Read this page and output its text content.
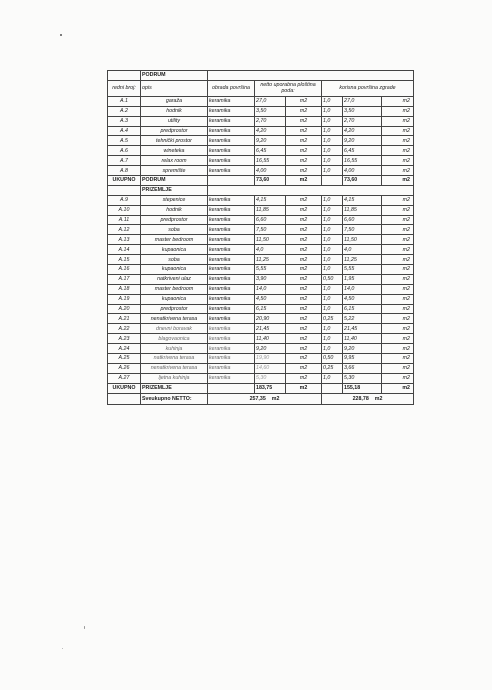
	PODRUM						
redni broj:	opis	obrada površina	netto uporabna ploština poda:		korisna površina zgrade		
A.1	garaža	keramika	27,0	m2	1,0	27,0	m2
A.2	hodnik	keramika	3,50	m2	1,0	3,50	m2
A.3	utility	keramika	2,70	m2	1,0	2,70	m2
A.4	predprostor	keramika	4,20	m2	1,0	4,20	m2
A.5	tehnički prostor	keramika	9,20	m2	1,0	9,20	m2
A.6	wineteka	keramika	6,45	m2	1,0	6,45	m2
A.7	relax room	keramika	16,55	m2	1,0	16,55	m2
A.8	spremište	keramika	4,00	m2	1,0	4,00	m2
UKUPNO	PODRUM		73,60	m2		73,60	m2
	PRIZEMLJE						
A.9	stepenice	keramika	4,15	m2	1,0	4,15	m2
A.10	hodnik	keramika	11,85	m2	1,0	11,85	m2
A.11	predprostor	keramika	6,60	m2	1,0	6,60	m2
A.12	soba	keramika	7,50	m2	1,0	7,50	m2
A.13	master bedroom	keramika	11,50	m2	1,0	11,50	m2
A.14	kupaonica	keramika	4,0	m2	1,0	4,0	m2
A.15	soba	keramika	11,25	m2	1,0	11,25	m2
A.16	kupaonica	keramika	5,55	m2	1,0	5,55	m2
A.17	natkriveni ulaz	keramika	3,90	m2	0,50	1,95	m2
A.18	master bedroom	keramika	14,0	m2	1,0	14,0	m2
A.19	kupaonica	keramika	4,50	m2	1,0	4,50	m2
A.20	predprostor	keramika	6,15	m2	1,0	6,15	m2
A.21	nenatkrivena terasa	keramika	20,90	m2	0,25	5,22	m2
A.22	dnevni boravak	keramika	21,45	m2	1,0	21,45	m2
A.23	blagovaonica	keramika	11,40	m2	1,0	11,40	m2
A.24	kuhinja	keramika	9,20	m2	1,0	9,20	m2
A.25	natkrivena terasa	keramika	19,90	m2	0,50	9,95	m2
A.26	nenatkrivena terasa	keramika	14,60	m2	0,25	3,66	m2
A.27	ljetna kuhinja	keramika	5,30	m2	1,0	5,30	m2
UKUPNO	PRIZEMLJE		183,75	m2		155,18	m2
	Sveukupno NETTO:	257,35 m2			228,78 m2		
